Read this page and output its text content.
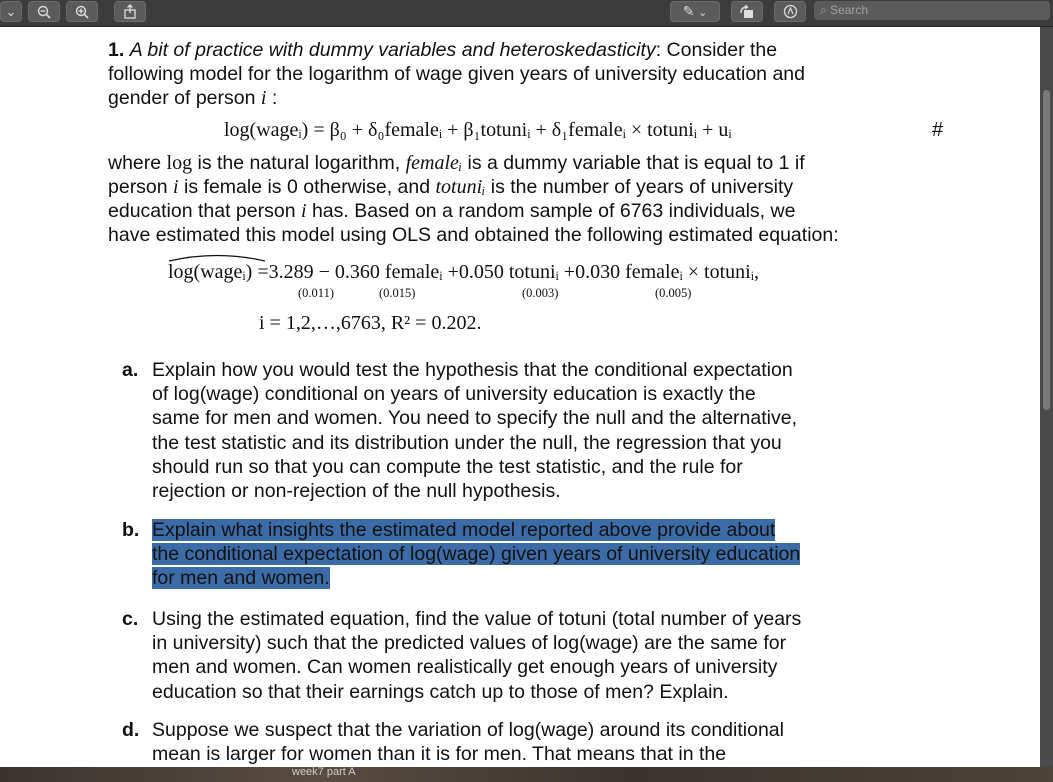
⌄	✎ ⌄	⌕ Search
1. A bit of practice with dummy variables and heteroskedasticity: Consider the
following model for the logarithm of wage given years of university education and
gender of person i :
log(wageᵢ) = β₀ + δ₀femaleᵢ + β₁totuniᵢ + δ₁femaleᵢ × totuniᵢ + uᵢ	#
where log is the natural logarithm, femaleᵢ is a dummy variable that is equal to 1 if
person i is female is 0 otherwise, and totuniᵢ is the number of years of university
education that person i has. Based on a random sample of 6763 individuals, we
have estimated this model using OLS and obtained the following estimated equation:
log(wageᵢ) =3.289 − 0.360 femaleᵢ +0.050 totuniᵢ +0.030 femaleᵢ × totuniᵢ,
(0.011)	(0.015)	(0.003)	(0.005)
i = 1,2,…,6763, R² = 0.202.
a. Explain how you would test the hypothesis that the conditional expectation
of log(wage) conditional on years of university education is exactly the
same for men and women. You need to specify the null and the alternative,
the test statistic and its distribution under the null, the regression that you
should run so that you can compute the test statistic, and the rule for
rejection or non-rejection of the null hypothesis.
b. Explain what insights the estimated model reported above provide about
the conditional expectation of log(wage) given years of university education
for men and women.
c. Using the estimated equation, find the value of totuni (total number of years
in university) such that the predicted values of log(wage) are the same for
men and women. Can women realistically get enough years of university
education so that their earnings catch up to those of men? Explain.
d. Suppose we suspect that the variation of log(wage) around its conditional
mean is larger for women than it is for men. That means that in the
week7 part A
